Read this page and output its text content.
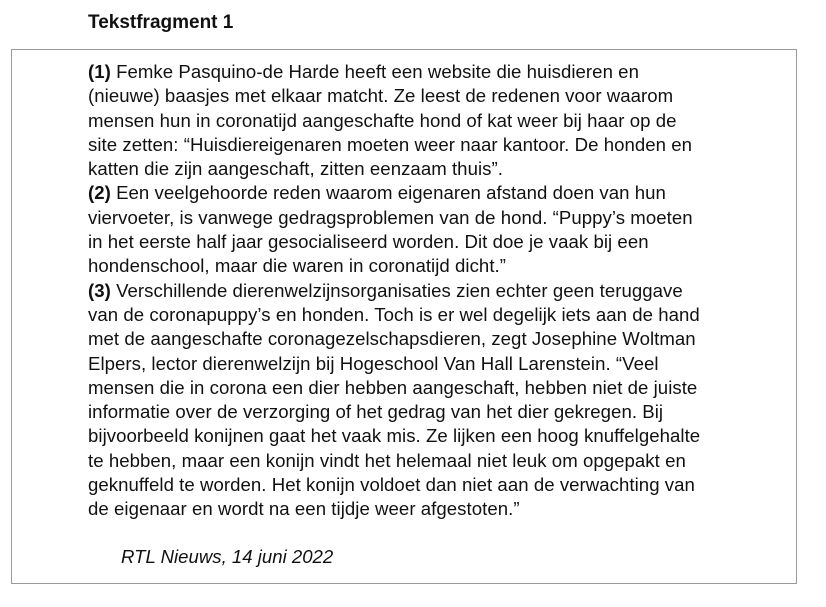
Tekstfragment 1
(1) Femke Pasquino-de Harde heeft een website die huisdieren en
(nieuwe) baasjes met elkaar matcht. Ze leest de redenen voor waarom
mensen hun in coronatijd aangeschafte hond of kat weer bij haar op de
site zetten: “Huisdiereigenaren moeten weer naar kantoor. De honden en
katten die zijn aangeschaft, zitten eenzaam thuis”.
(2) Een veelgehoorde reden waarom eigenaren afstand doen van hun
viervoeter, is vanwege gedragsproblemen van de hond. “Puppy’s moeten
in het eerste half jaar gesocialiseerd worden. Dit doe je vaak bij een
hondenschool, maar die waren in coronatijd dicht.”
(3) Verschillende dierenwelzijnsorganisaties zien echter geen teruggave
van de coronapuppy’s en honden. Toch is er wel degelijk iets aan de hand
met de aangeschafte coronagezelschapsdieren, zegt Josephine Woltman
Elpers, lector dierenwelzijn bij Hogeschool Van Hall Larenstein. “Veel
mensen die in corona een dier hebben aangeschaft, hebben niet de juiste
informatie over de verzorging of het gedrag van het dier gekregen. Bij
bijvoorbeeld konijnen gaat het vaak mis. Ze lijken een hoog knuffelgehalte
te hebben, maar een konijn vindt het helemaal niet leuk om opgepakt en
geknuffeld te worden. Het konijn voldoet dan niet aan de verwachting van
de eigenaar en wordt na een tijdje weer afgestoten.”
RTL Nieuws, 14 juni 2022
